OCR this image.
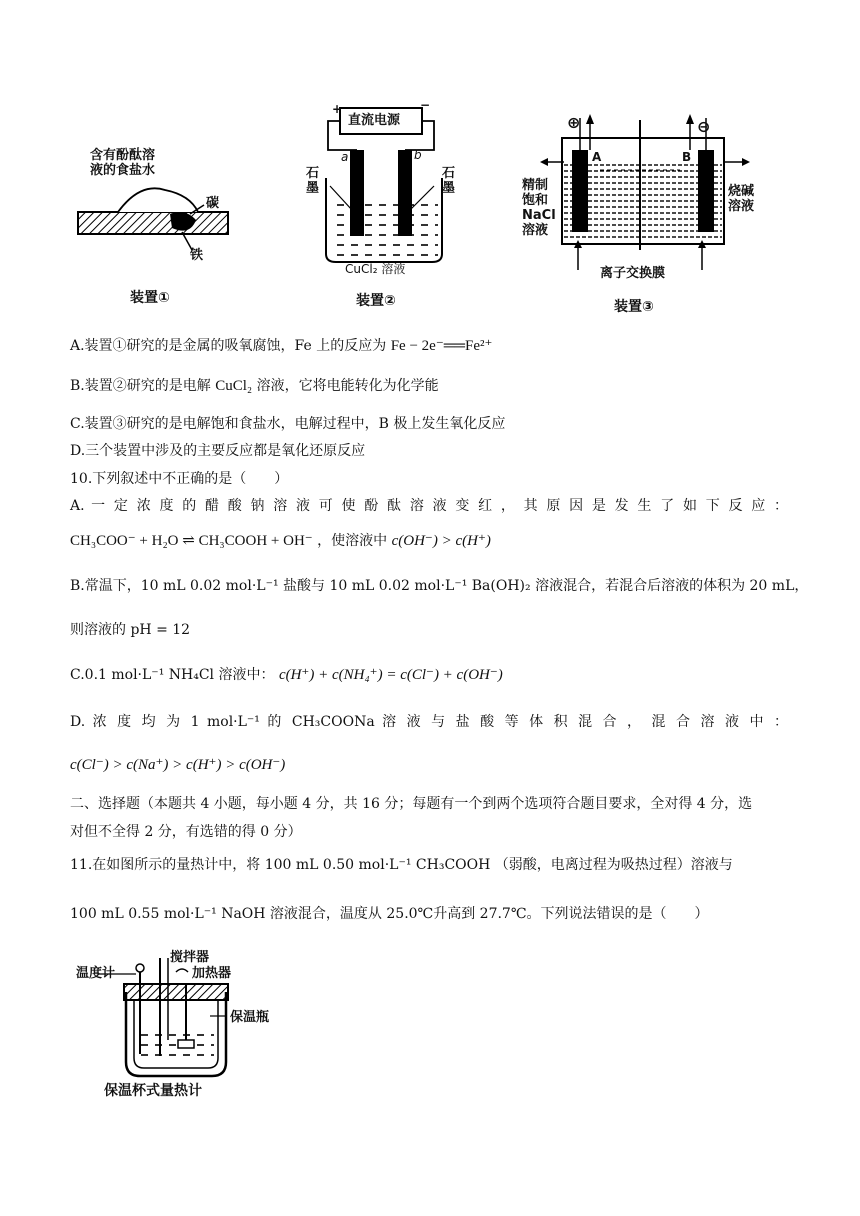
含有酚酞溶
液的食盐水
碳
铁
装置①
+	−
直流电源
a	b
石
墨
石
墨
CuCl₂ 溶液
装置②
⊕	⊖
A	B
精制
饱和
NaCl
溶液
烧碱
溶液
离子交换膜
装置③
A.装置①研究的是金属的吸氧腐蚀，Fe 上的反应为 Fe − 2e⁻══Fe²⁺
B.装置②研究的是电解 CuCl₂ 溶液，它将电能转化为化学能
C.装置③研究的是电解饱和食盐水，电解过程中，B 极上发生氧化反应
D.三个装置中涉及的主要反应都是氧化还原反应
10.下列叙述中不正确的是（　　）
A. 一 定 浓 度 的 醋 酸 钠 溶 液 可 使 酚 酞 溶 液 变 红 ， 其 原 因 是 发 生 了 如 下 反 应 ：
CH₃COO⁻ + H₂O ⇌ CH₃COOH + OH⁻ ，使溶液中 c(OH⁻) > c(H⁺)
B.常温下，10 mL 0.02 mol·L⁻¹ 盐酸与 10 mL 0.02 mol·L⁻¹ Ba(OH)₂ 溶液混合，若混合后溶液的体积为 20 mL，
则溶液的 pH = 12
C.0.1 mol·L⁻¹ NH₄Cl 溶液中： c(H⁺) + c(NH₄⁺) = c(Cl⁻) + c(OH⁻)
D. 浓 度 均 为 1 mol·L⁻¹ 的 CH₃COONa 溶 液 与 盐 酸 等 体 积 混 合 ， 混 合 溶 液 中 ：
c(Cl⁻) > c(Na⁺) > c(H⁺) > c(OH⁻)
二、选择题（本题共 4 小题，每小题 4 分，共 16 分；每题有一个到两个选项符合题目要求，全对得 4 分，选
对但不全得 2 分，有选错的得 0 分）
11.在如图所示的量热计中，将 100 mL 0.50 mol·L⁻¹ CH₃COOH （弱酸，电离过程为吸热过程）溶液与
100 mL 0.55 mol·L⁻¹ NaOH 溶液混合，温度从 25.0℃升高到 27.7℃。下列说法错误的是（　　）
温度计
搅拌器
加热器
保温瓶
保温杯式量热计
